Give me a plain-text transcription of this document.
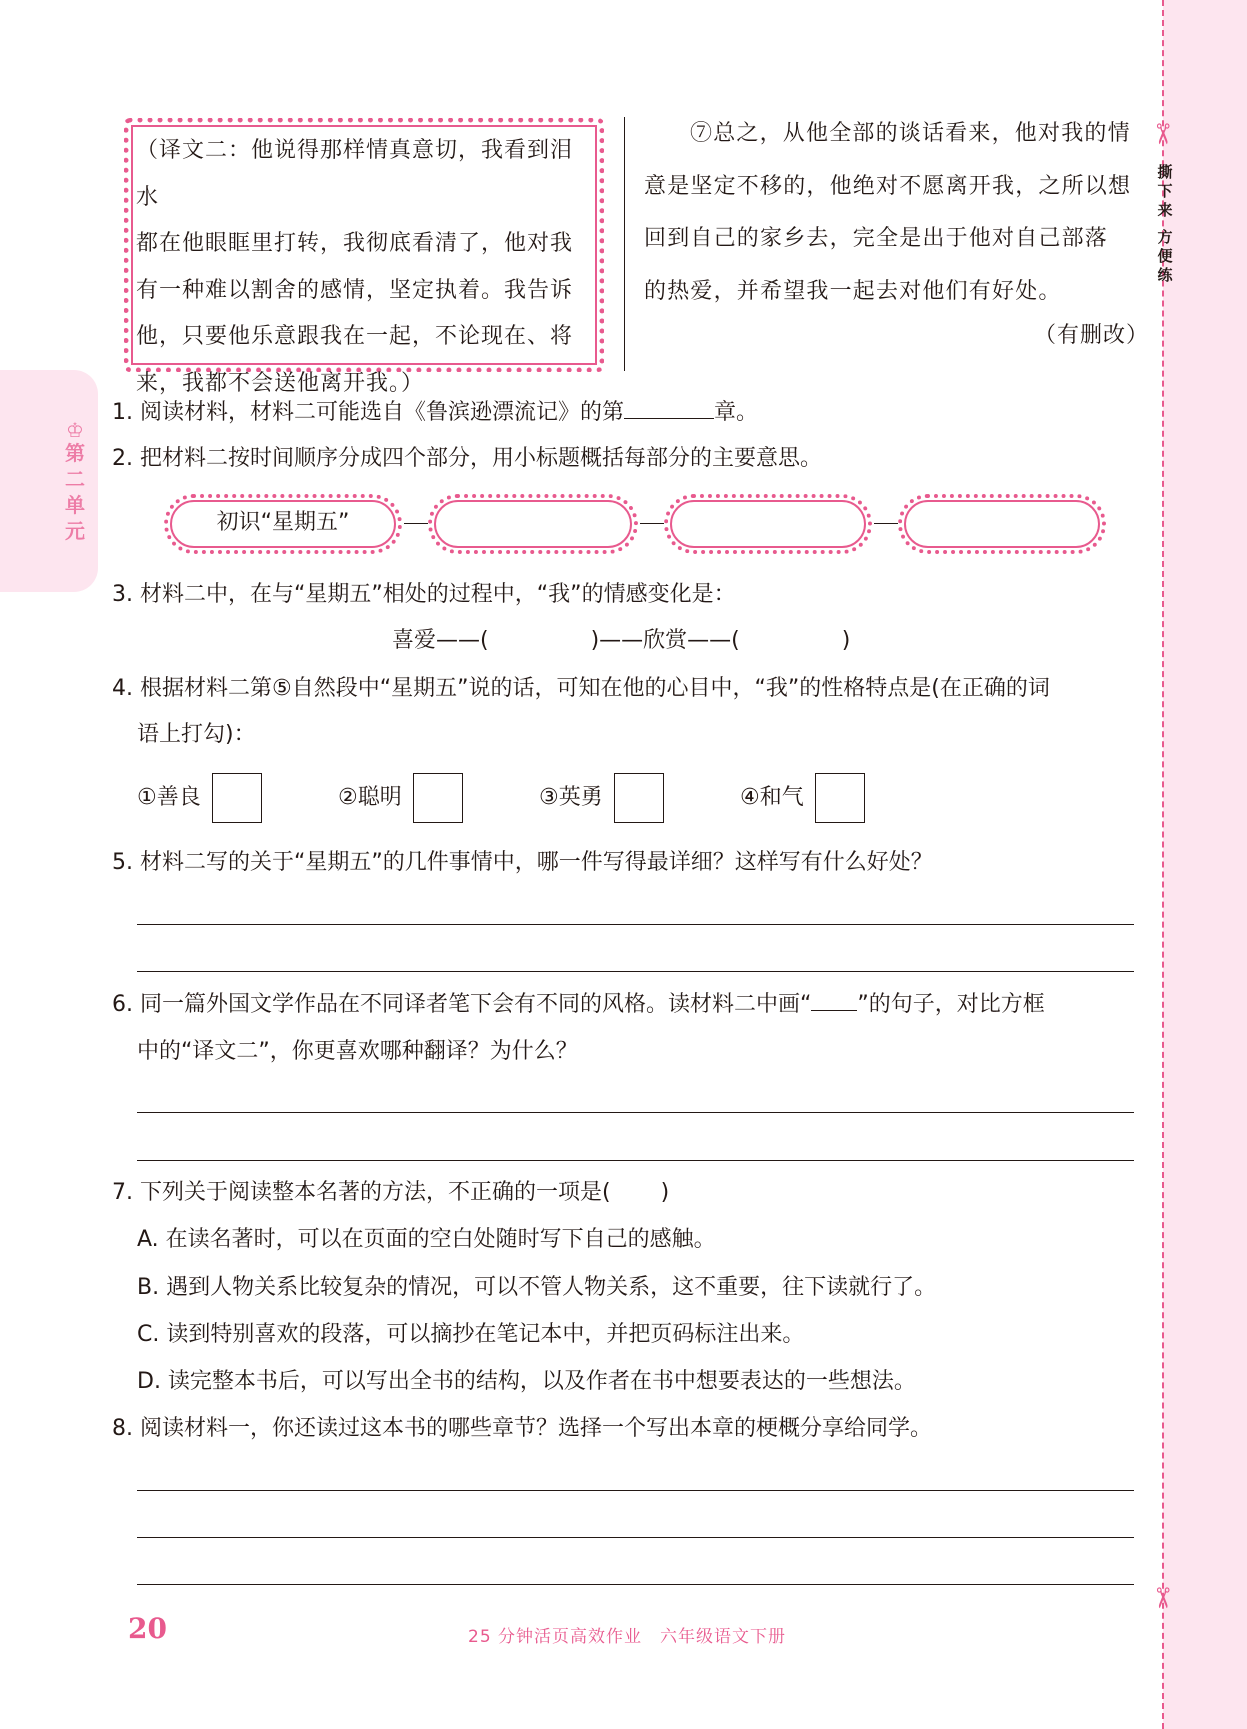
✂
撕
下
来
方
便
练
✂
♔
第
二
单
元
（译文二：他说得那样情真意切，我看到泪水
都在他眼眶里打转，我彻底看清了，他对我
有一种难以割舍的感情，坚定执着。我告诉
他，只要他乐意跟我在一起，不论现在、将
来，我都不会送他离开我。）
⑦总之，从他全部的谈话看来，他对我的情
意是坚定不移的，他绝对不愿离开我，之所以想
回到自己的家乡去，完全是出于他对自己部落
的热爱，并希望我一起去对他们有好处。
（有删改）
1. 阅读材料，材料二可能选自《鲁滨逊漂流记》的第	章。
2. 把材料二按时间顺序分成四个部分，用小标题概括每部分的主要意思。
初识“星期五”
3. 材料二中，在与“星期五”相处的过程中，“我”的情感变化是：
喜爱——(	)——欣赏——(	)
4. 根据材料二第⑤自然段中“星期五”说的话，可知在他的心目中，“我”的性格特点是(在正确的词
语上打勾)：
①善良	②聪明	③英勇	④和气
5. 材料二写的关于“星期五”的几件事情中，哪一件写得最详细？这样写有什么好处？
6. 同一篇外国文学作品在不同译者笔下会有不同的风格。读材料二中画“ ”的句子，对比方框
中的“译文二”，你更喜欢哪种翻译？为什么？
7. 下列关于阅读整本名著的方法，不正确的一项是( )
A. 在读名著时，可以在页面的空白处随时写下自己的感触。
B. 遇到人物关系比较复杂的情况，可以不管人物关系，这不重要，往下读就行了。
C. 读到特别喜欢的段落，可以摘抄在笔记本中，并把页码标注出来。
D. 读完整本书后，可以写出全书的结构，以及作者在书中想要表达的一些想法。
8. 阅读材料一，你还读过这本书的哪些章节？选择一个写出本章的梗概分享给同学。
20	25 分钟活页高效作业　六年级语文下册
